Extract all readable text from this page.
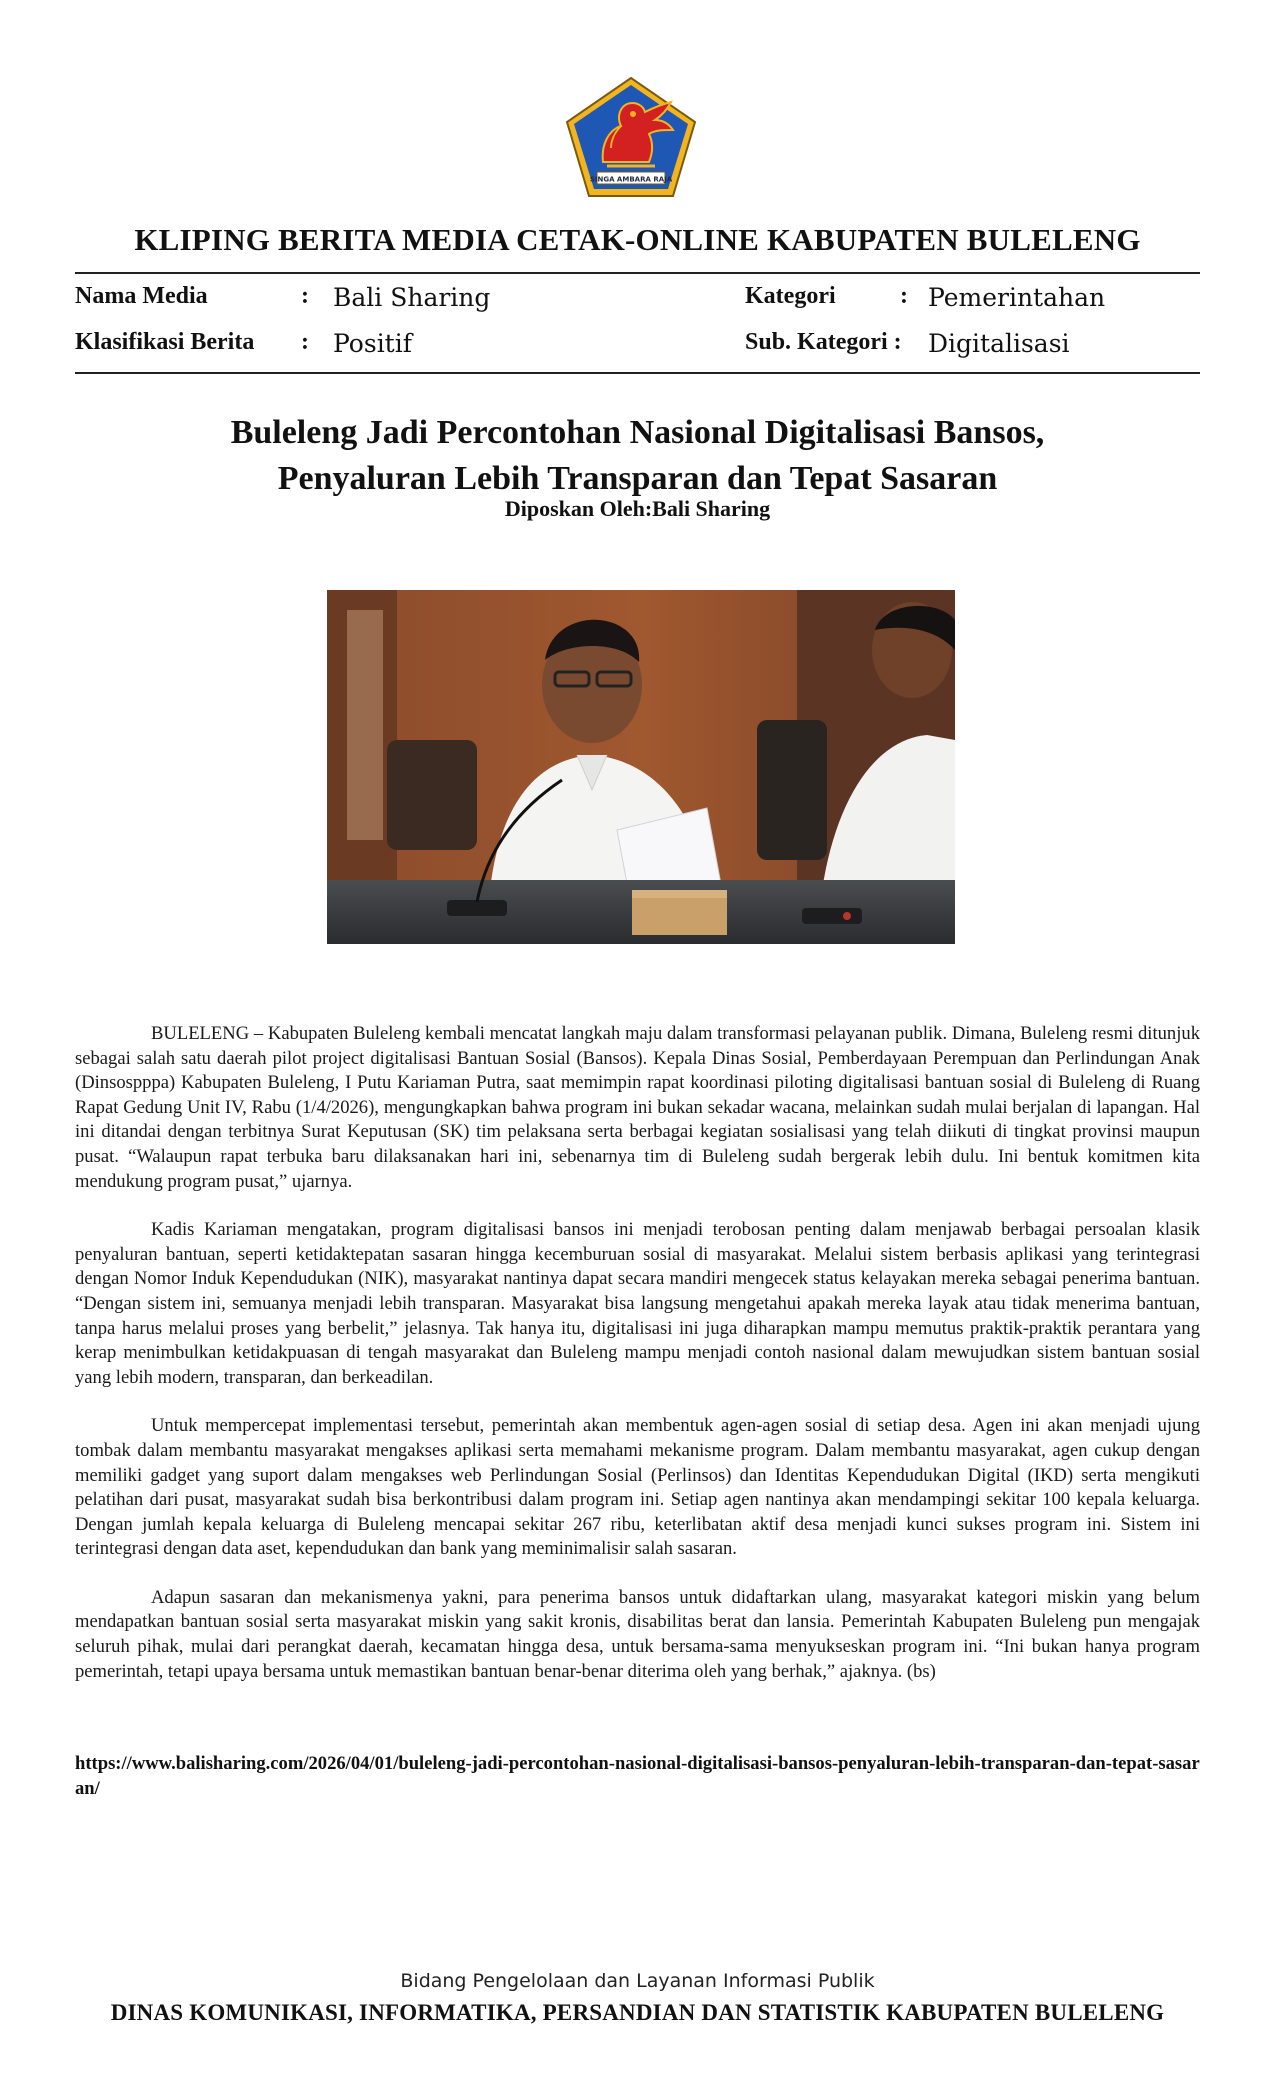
SINGA AMBARA RAJA
KLIPING BERITA MEDIA CETAK-ONLINE KABUPATEN BULELENG
Nama Media	: Bali Sharing	Kategori	: Pemerintahan
Klasifikasi Berita : Positif	Sub. Kategori : Digitalisasi
Buleleng Jadi Percontohan Nasional Digitalisasi Bansos,
Penyaluran Lebih Transparan dan Tepat Sasaran
Diposkan Oleh:Bali Sharing

BULELENG – Kabupaten Buleleng kembali mencatat langkah maju dalam transformasi pelayanan publik. Dimana, Buleleng resmi ditunjuk sebagai salah satu daerah pilot project digitalisasi Bantuan Sosial (Bansos). Kepala Dinas Sosial, Pemberdayaan Perempuan dan Perlindungan Anak (Dinsospppa) Kabupaten Buleleng, I Putu Kariaman Putra, saat memimpin rapat koordinasi piloting digitalisasi bantuan sosial di Buleleng di Ruang Rapat Gedung Unit IV, Rabu (1/4/2026), mengungkapkan bahwa program ini bukan sekadar wacana, melainkan sudah mulai berjalan di lapangan. Hal ini ditandai dengan terbitnya Surat Keputusan (SK) tim pelaksana serta berbagai kegiatan sosialisasi yang telah diikuti di tingkat provinsi maupun pusat. “Walaupun rapat terbuka baru dilaksanakan hari ini, sebenarnya tim di Buleleng sudah bergerak lebih dulu. Ini bentuk komitmen kita mendukung program pusat,” ujarnya.

Kadis Kariaman mengatakan, program digitalisasi bansos ini menjadi terobosan penting dalam menjawab berbagai persoalan klasik penyaluran bantuan, seperti ketidaktepatan sasaran hingga kecemburuan sosial di masyarakat. Melalui sistem berbasis aplikasi yang terintegrasi dengan Nomor Induk Kependudukan (NIK), masyarakat nantinya dapat secara mandiri mengecek status kelayakan mereka sebagai penerima bantuan. “Dengan sistem ini, semuanya menjadi lebih transparan. Masyarakat bisa langsung mengetahui apakah mereka layak atau tidak menerima bantuan, tanpa harus melalui proses yang berbelit,” jelasnya. Tak hanya itu, digitalisasi ini juga diharapkan mampu memutus praktik-praktik perantara yang kerap menimbulkan ketidakpuasan di tengah masyarakat dan Buleleng mampu menjadi contoh nasional dalam mewujudkan sistem bantuan sosial yang lebih modern, transparan, dan berkeadilan.

Untuk mempercepat implementasi tersebut, pemerintah akan membentuk agen-agen sosial di setiap desa. Agen ini akan menjadi ujung tombak dalam membantu masyarakat mengakses aplikasi serta memahami mekanisme program. Dalam membantu masyarakat, agen cukup dengan memiliki gadget yang suport dalam mengakses web Perlindungan Sosial (Perlinsos) dan Identitas Kependudukan Digital (IKD) serta mengikuti pelatihan dari pusat, masyarakat sudah bisa berkontribusi dalam program ini. Setiap agen nantinya akan mendampingi sekitar 100 kepala keluarga. Dengan jumlah kepala keluarga di Buleleng mencapai sekitar 267 ribu, keterlibatan aktif desa menjadi kunci sukses program ini. Sistem ini terintegrasi dengan data aset, kependudukan dan bank yang meminimalisir salah sasaran.

Adapun sasaran dan mekanismenya yakni, para penerima bansos untuk didaftarkan ulang, masyarakat kategori miskin yang belum mendapatkan bantuan sosial serta masyarakat miskin yang sakit kronis, disabilitas berat dan lansia. Pemerintah Kabupaten Buleleng pun mengajak seluruh pihak, mulai dari perangkat daerah, kecamatan hingga desa, untuk bersama-sama menyukseskan program ini. “Ini bukan hanya program pemerintah, tetapi upaya bersama untuk memastikan bantuan benar-benar diterima oleh yang berhak,” ajaknya. (bs)

https://www.balisharing.com/2026/04/01/buleleng-jadi-percontohan-nasional-digitalisasi-bansos-penyaluran-lebih-transparan-dan-tepat-sasaran/
Bidang Pengelolaan dan Layanan Informasi Publik
DINAS KOMUNIKASI, INFORMATIKA, PERSANDIAN DAN STATISTIK KABUPATEN BULELENG
